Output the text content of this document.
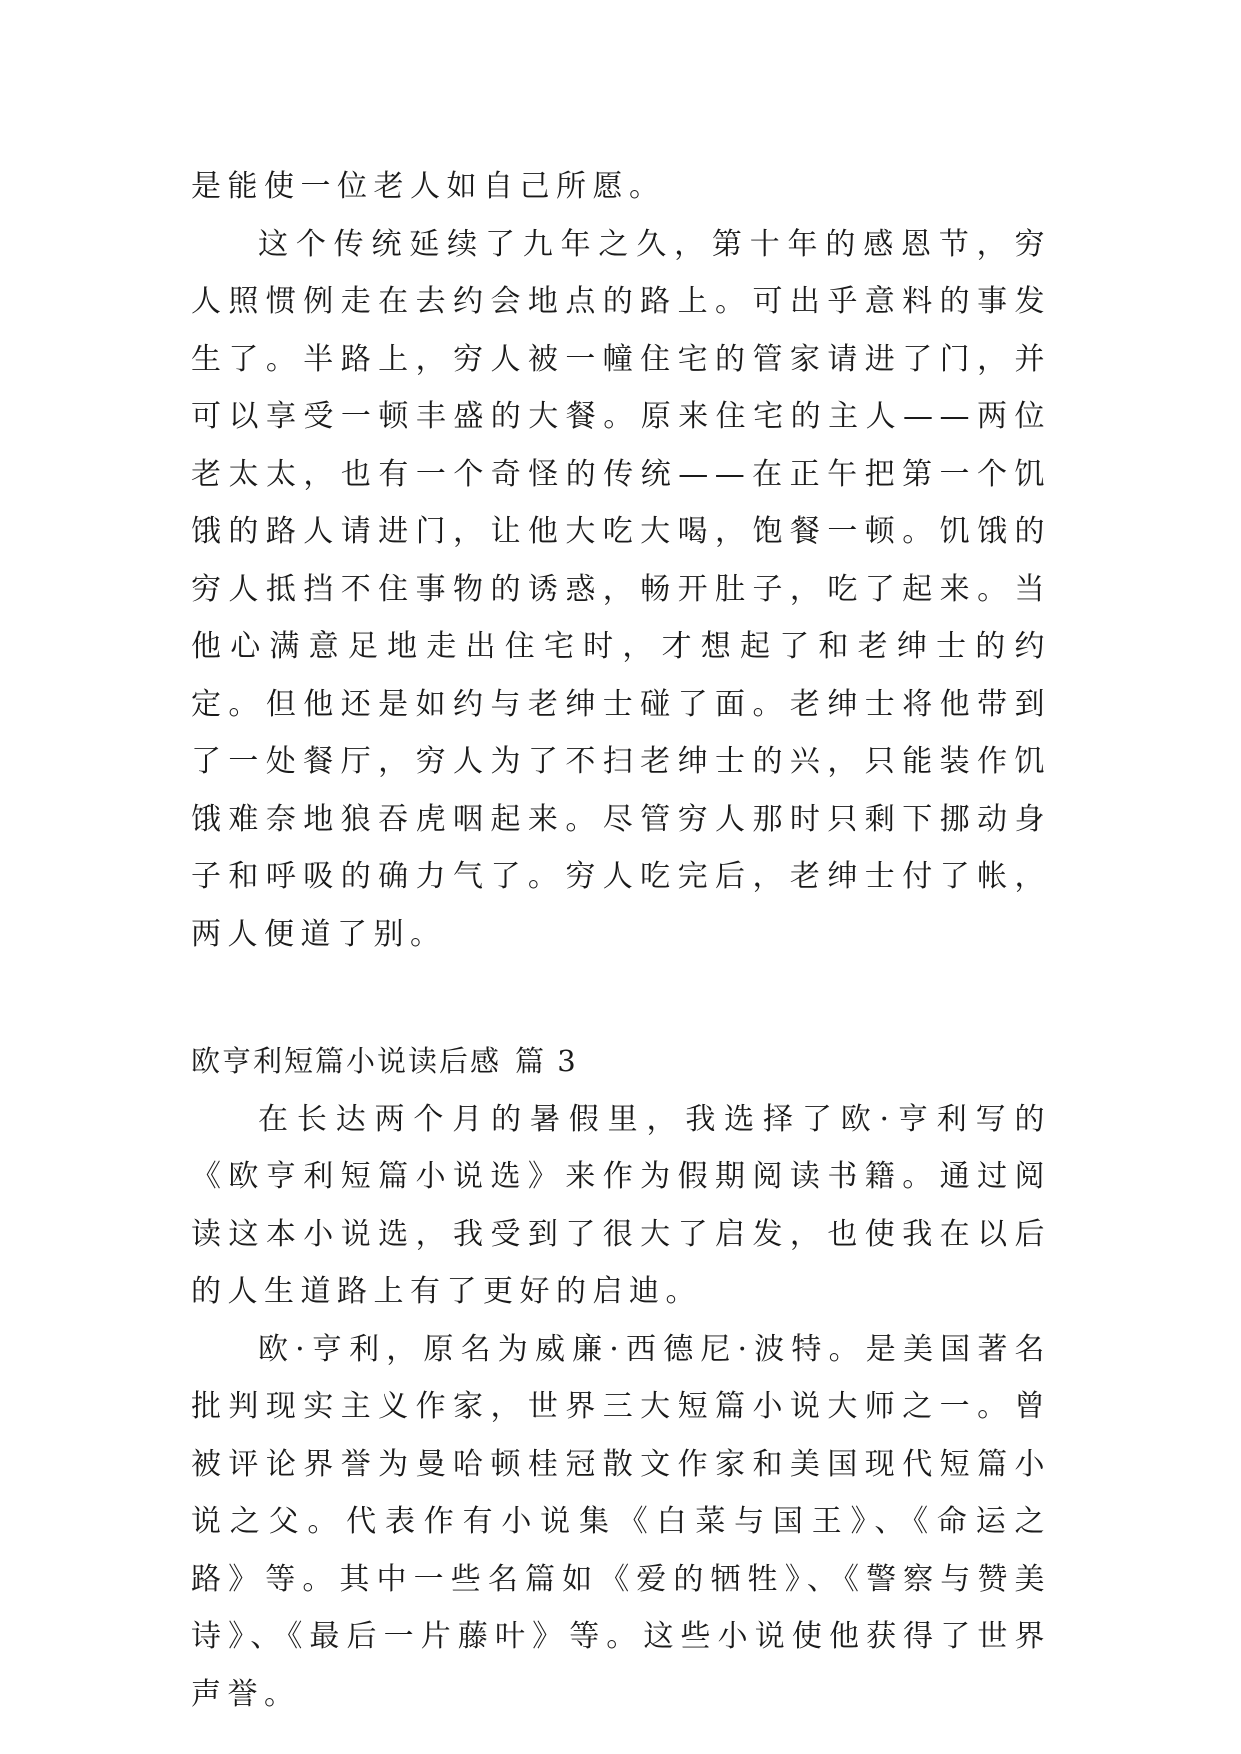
是能使一位老人如自己所愿。

这个传统延续了九年之久，第十年的感恩节，穷人照惯例走在去约会地点的路上。可出乎意料的事发生了。半路上，穷人被一幢住宅的管家请进了门，并可以享受一顿丰盛的大餐。原来住宅的主人——两位老太太，也有一个奇怪的传统——在正午把第一个饥饿的路人请进门，让他大吃大喝，饱餐一顿。饥饿的穷人抵挡不住事物的诱惑，畅开肚子，吃了起来。当他心满意足地走出住宅时，才想起了和老绅士的约定。但他还是如约与老绅士碰了面。老绅士将他带到了一处餐厅，穷人为了不扫老绅士的兴，只能装作饥饿难奈地狼吞虎咽起来。尽管穷人那时只剩下挪动身子和呼吸的确力气了。穷人吃完后，老绅士付了帐，两人便道了别。

欧亨利短篇小说读后感 篇 3

在长达两个月的暑假里，我选择了欧·亨利写的《欧亨利短篇小说选》来作为假期阅读书籍。通过阅读这本小说选，我受到了很大了启发，也使我在以后的人生道路上有了更好的启迪。

欧·亨利，原名为威廉·西德尼·波特。是美国著名批判现实主义作家，世界三大短篇小说大师之一。曾被评论界誉为曼哈顿桂冠散文作家和美国现代短篇小说之父。代表作有小说集《白菜与国王》、《命运之路》等。其中一些名篇如《爱的牺牲》、《警察与赞美诗》、《最后一片藤叶》等。这些小说使他获得了世界声誉。
